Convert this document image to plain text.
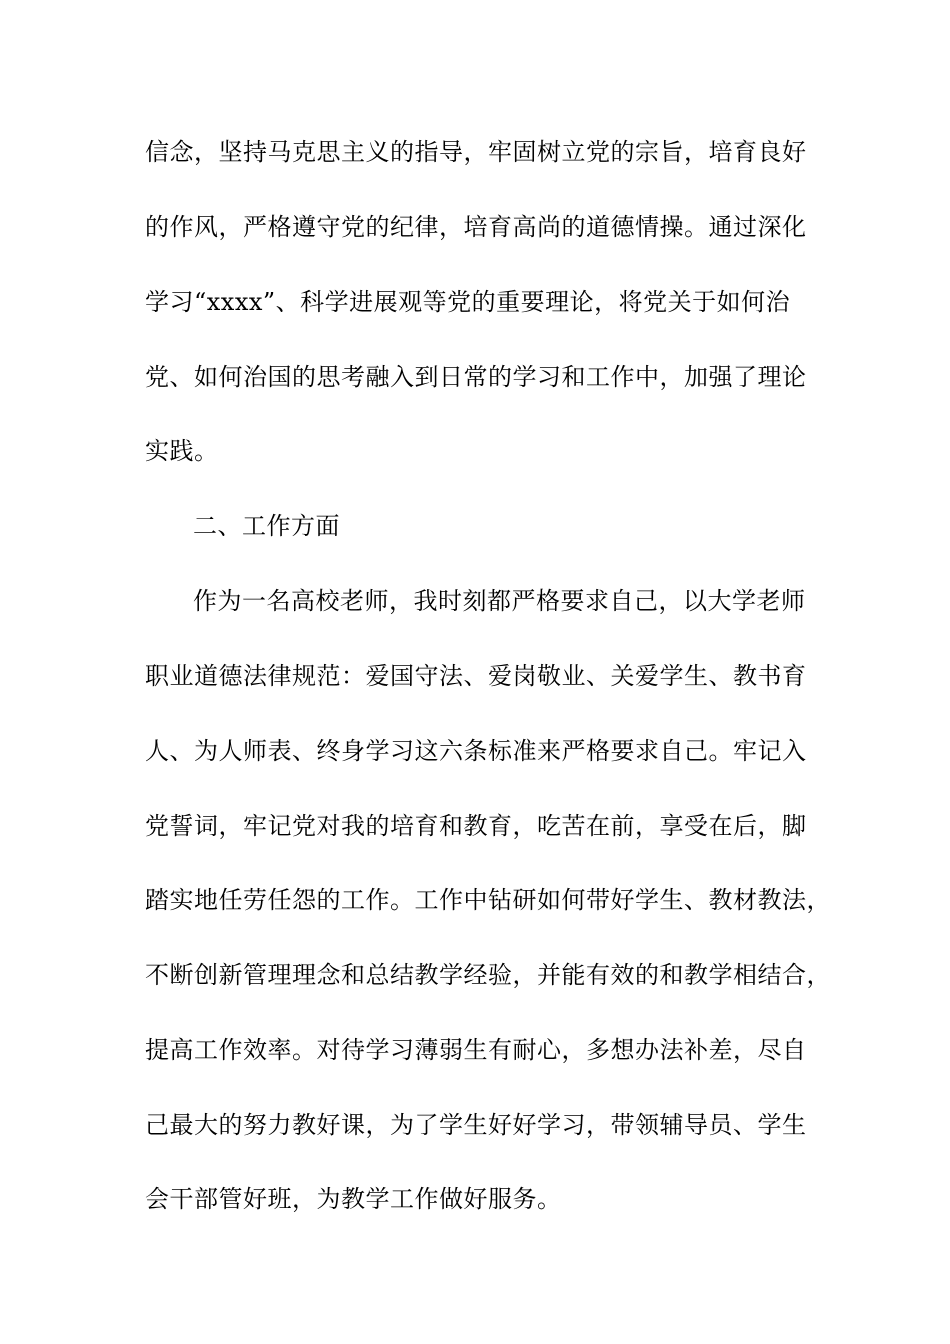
信念，坚持马克思主义的指导，牢固树立党的宗旨，培育良好
的作风，严格遵守党的纪律，培育高尚的道德情操。通过深化
学习“xxxx”、科学进展观等党的重要理论，将党关于如何治
党、如何治国的思考融入到日常的学习和工作中，加强了理论
实践。
二、工作方面
作为一名高校老师，我时刻都严格要求自己，以大学老师
职业道德法律规范：爱国守法、爱岗敬业、关爱学生、教书育
人、为人师表、终身学习这六条标准来严格要求自己。牢记入
党誓词，牢记党对我的培育和教育，吃苦在前，享受在后，脚
踏实地任劳任怨的工作。工作中钻研如何带好学生、教材教法，
不断创新管理理念和总结教学经验，并能有效的和教学相结合，
提高工作效率。对待学习薄弱生有耐心，多想办法补差，尽自
己最大的努力教好课，为了学生好好学习，带领辅导员、学生
会干部管好班，为教学工作做好服务。
